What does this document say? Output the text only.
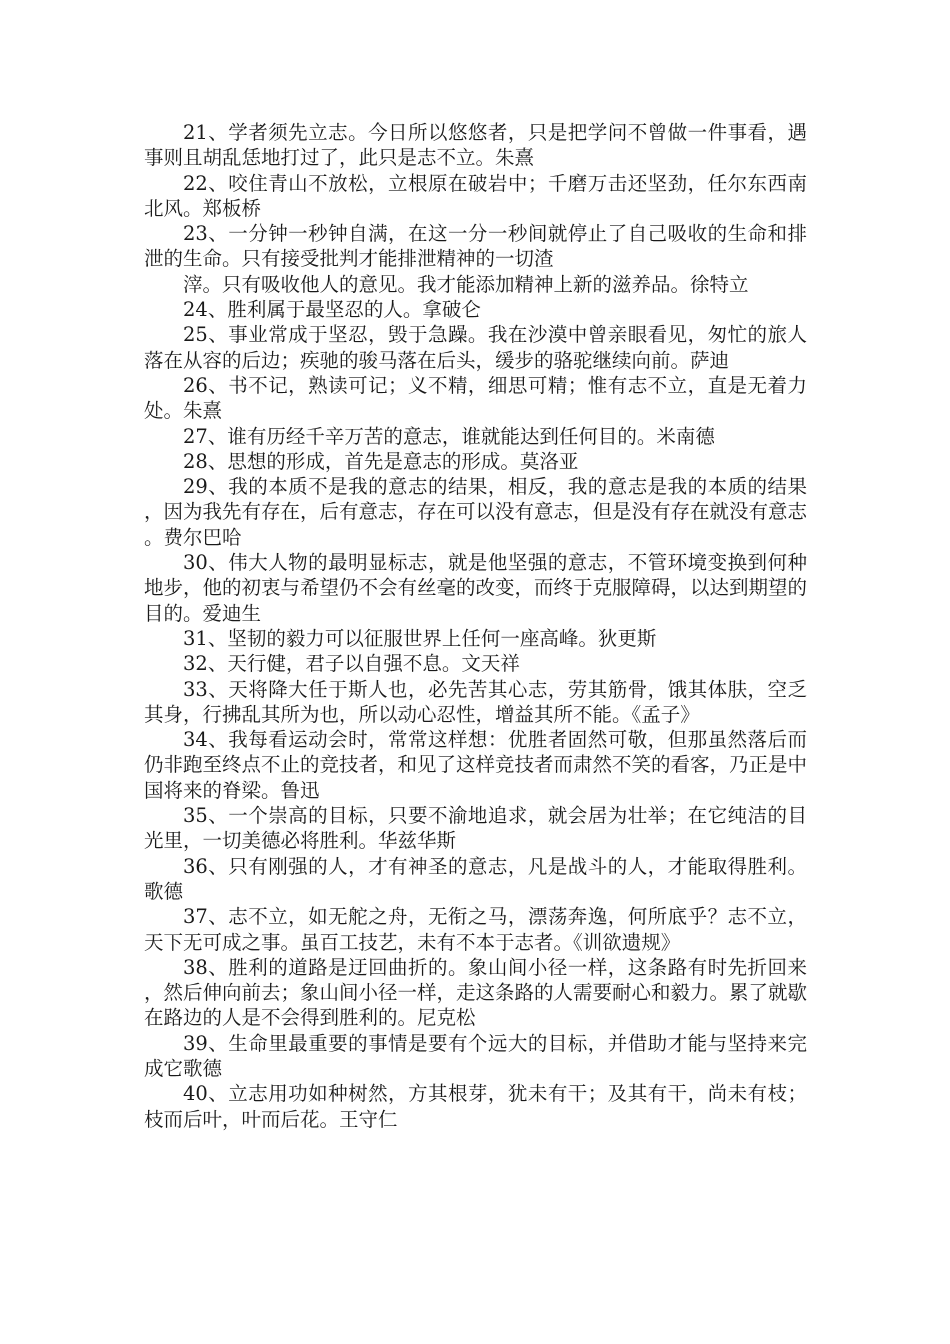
21、学者须先立志。今日所以悠悠者，只是把学问不曾做一件事看，遇事则且胡乱恁地打过了，此只是志不立。朱熹

22、咬住青山不放松，立根原在破岩中；千磨万击还坚劲，任尔东西南北风。郑板桥

23、一分钟一秒钟自满，在这一分一秒间就停止了自己吸收的生命和排泄的生命。只有接受批判才能排泄精神的一切渣

滓。只有吸收他人的意见。我才能添加精神上新的滋养品。徐特立

24、胜利属于最坚忍的人。拿破仑

25、事业常成于坚忍，毁于急躁。我在沙漠中曾亲眼看见，匆忙的旅人落在从容的后边；疾驰的骏马落在后头，缓步的骆驼继续向前。萨迪

26、书不记，熟读可记；义不精，细思可精；惟有志不立，直是无着力处。朱熹

27、谁有历经千辛万苦的意志，谁就能达到任何目的。米南德

28、思想的形成，首先是意志的形成。莫洛亚

29、我的本质不是我的意志的结果，相反，我的意志是我的本质的结果，因为我先有存在，后有意志，存在可以没有意志，但是没有存在就没有意志。费尔巴哈

30、伟大人物的最明显标志，就是他坚强的意志，不管环境变换到何种地步，他的初衷与希望仍不会有丝毫的改变，而终于克服障碍，以达到期望的目的。爱迪生

31、坚韧的毅力可以征服世界上任何一座高峰。狄更斯

32、天行健，君子以自强不息。文天祥

33、天将降大任于斯人也，必先苦其心志，劳其筋骨，饿其体肤，空乏其身，行拂乱其所为也，所以动心忍性，增益其所不能。《孟子》

34、我每看运动会时，常常这样想：优胜者固然可敬，但那虽然落后而仍非跑至终点不止的竞技者，和见了这样竞技者而肃然不笑的看客，乃正是中国将来的脊梁。鲁迅

35、一个崇高的目标，只要不渝地追求，就会居为壮举；在它纯洁的目光里，一切美德必将胜利。华兹华斯

36、只有刚强的人，才有神圣的意志，凡是战斗的人，才能取得胜利。歌德

37、志不立，如无舵之舟，无衔之马，漂荡奔逸，何所底乎？志不立，天下无可成之事。虽百工技艺，未有不本于志者。《训欲遗规》

38、胜利的道路是迂回曲折的。象山间小径一样，这条路有时先折回来，然后伸向前去；象山间小径一样，走这条路的人需要耐心和毅力。累了就歇在路边的人是不会得到胜利的。尼克松

39、生命里最重要的事情是要有个远大的目标，并借助才能与坚持来完成它歌德

40、立志用功如种树然，方其根芽，犹未有干；及其有干，尚未有枝；枝而后叶，叶而后花。王守仁
